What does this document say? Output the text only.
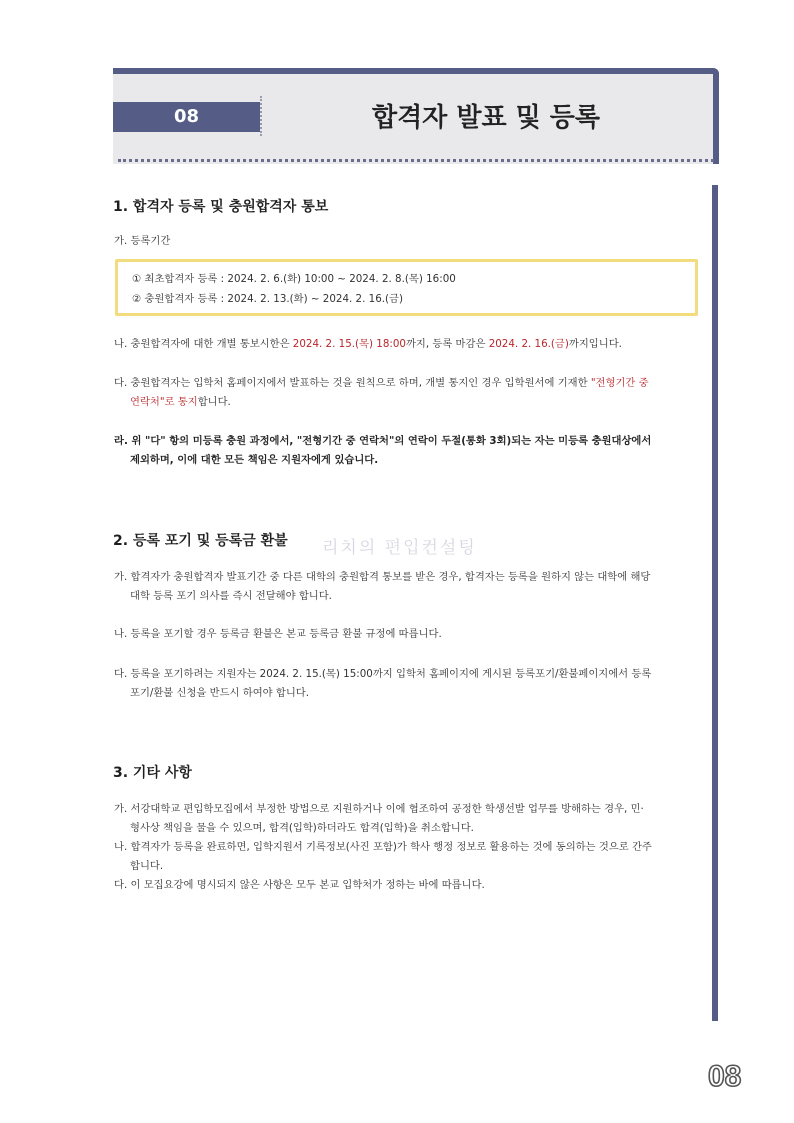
08	합격자 발표 및 등록
1. 합격자 등록 및 충원합격자 통보
가. 등록기간
① 최초합격자 등록 : 2024. 2. 6.(화) 10:00 ~ 2024. 2. 8.(목) 16:00
② 충원합격자 등록 : 2024. 2. 13.(화) ~ 2024. 2. 16.(금)
나. 충원합격자에 대한 개별 통보시한은 2024. 2. 15.(목) 18:00까지, 등록 마감은 2024. 2. 16.(금)까지입니다.
다. 충원합격자는 입학처 홈페이지에서 발표하는 것을 원칙으로 하며, 개별 통지인 경우 입학원서에 기재한 "전형기간 중
연락처"로 통지합니다.
라. 위 "다" 항의 미등록 충원 과정에서, "전형기간 중 연락처"의 연락이 두절(통화 3회)되는 자는 미등록 충원대상에서
제외하며, 이에 대한 모든 책임은 지원자에게 있습니다.
2. 등록 포기 및 등록금 환불 리치의 편입컨설팅
가. 합격자가 충원합격자 발표기간 중 다른 대학의 충원합격 통보를 받은 경우, 합격자는 등록을 원하지 않는 대학에 해당
대학 등록 포기 의사를 즉시 전달해야 합니다.
나. 등록을 포기할 경우 등록금 환불은 본교 등록금 환불 규정에 따릅니다.
다. 등록을 포기하려는 지원자는 2024. 2. 15.(목) 15:00까지 입학처 홈페이지에 게시된 등록포기/환불페이지에서 등록
포기/환불 신청을 반드시 하여야 합니다.
3. 기타 사항
가. 서강대학교 편입학모집에서 부정한 방법으로 지원하거나 이에 협조하여 공정한 학생선발 업무를 방해하는 경우, 민·
형사상 책임을 물을 수 있으며, 합격(입학)하더라도 합격(입학)을 취소합니다.
나. 합격자가 등록을 완료하면, 입학지원서 기록정보(사진 포함)가 학사 행정 정보로 활용하는 것에 동의하는 것으로 간주
합니다.
다. 이 모집요강에 명시되지 않은 사항은 모두 본교 입학처가 정하는 바에 따릅니다.
08
